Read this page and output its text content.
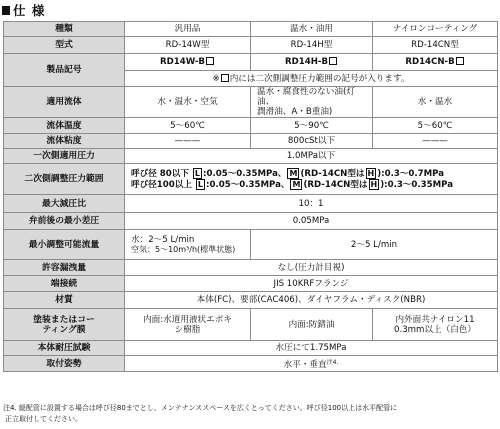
仕 様
種類	汎用品	温水・油用	ナイロンコーティング
型式	RD-14W型	RD-14H型	RD-14CN型
製品記号	RD14W-B	RD14H-B	RD14CN-B
	※ 内には二次側調整圧力範囲の記号が入ります。		
適用流体	水・温水・空気	温水・腐食性のない油(灯油、
潤滑油、A・B重油)	水・温水
流体温度	5～60℃	5～90℃	5～60℃
流体粘度	———	800cSt以下	———
一次側適用圧力	1.0MPa以下		
二次側調整圧力範囲	呼び径 80以下 L :0.05～0.35MPa、 M (RD-14CN型は H ):0.3～0.7MPa
呼び径100以上 L :0.05～0.35MPa、 M (RD-14CN型は H ):0.3～0.35MPa		

最大減圧比	10：1		
弁前後の最小差圧	0.05MPa		
最小調整可能流量	水：2～5 L/min
空気：5～10m³/h(標準状態)	2～5 L/min	
許容漏洩量	なし(圧力計目視)		
端接続	JIS 10KRFフランジ		
材質	本体(FC)、要部(CAC406)、ダイヤフラム・ディスク(NBR)		

塗装またはコー
ティング膜	内面:水道用液状エポキ
シ樹脂	内面:防錆油	内外面共ナイロン11
0.3mm以上（白色）

本体耐圧試験	水圧にて1.75MPa		
取付姿勢	水平・垂直$^{注4.}$
注4. 縦配管に設置する場合は呼び径80までとし、メンテナンススペースを広くとってください。呼び径100以上は水平配管に
正立取付してください。
